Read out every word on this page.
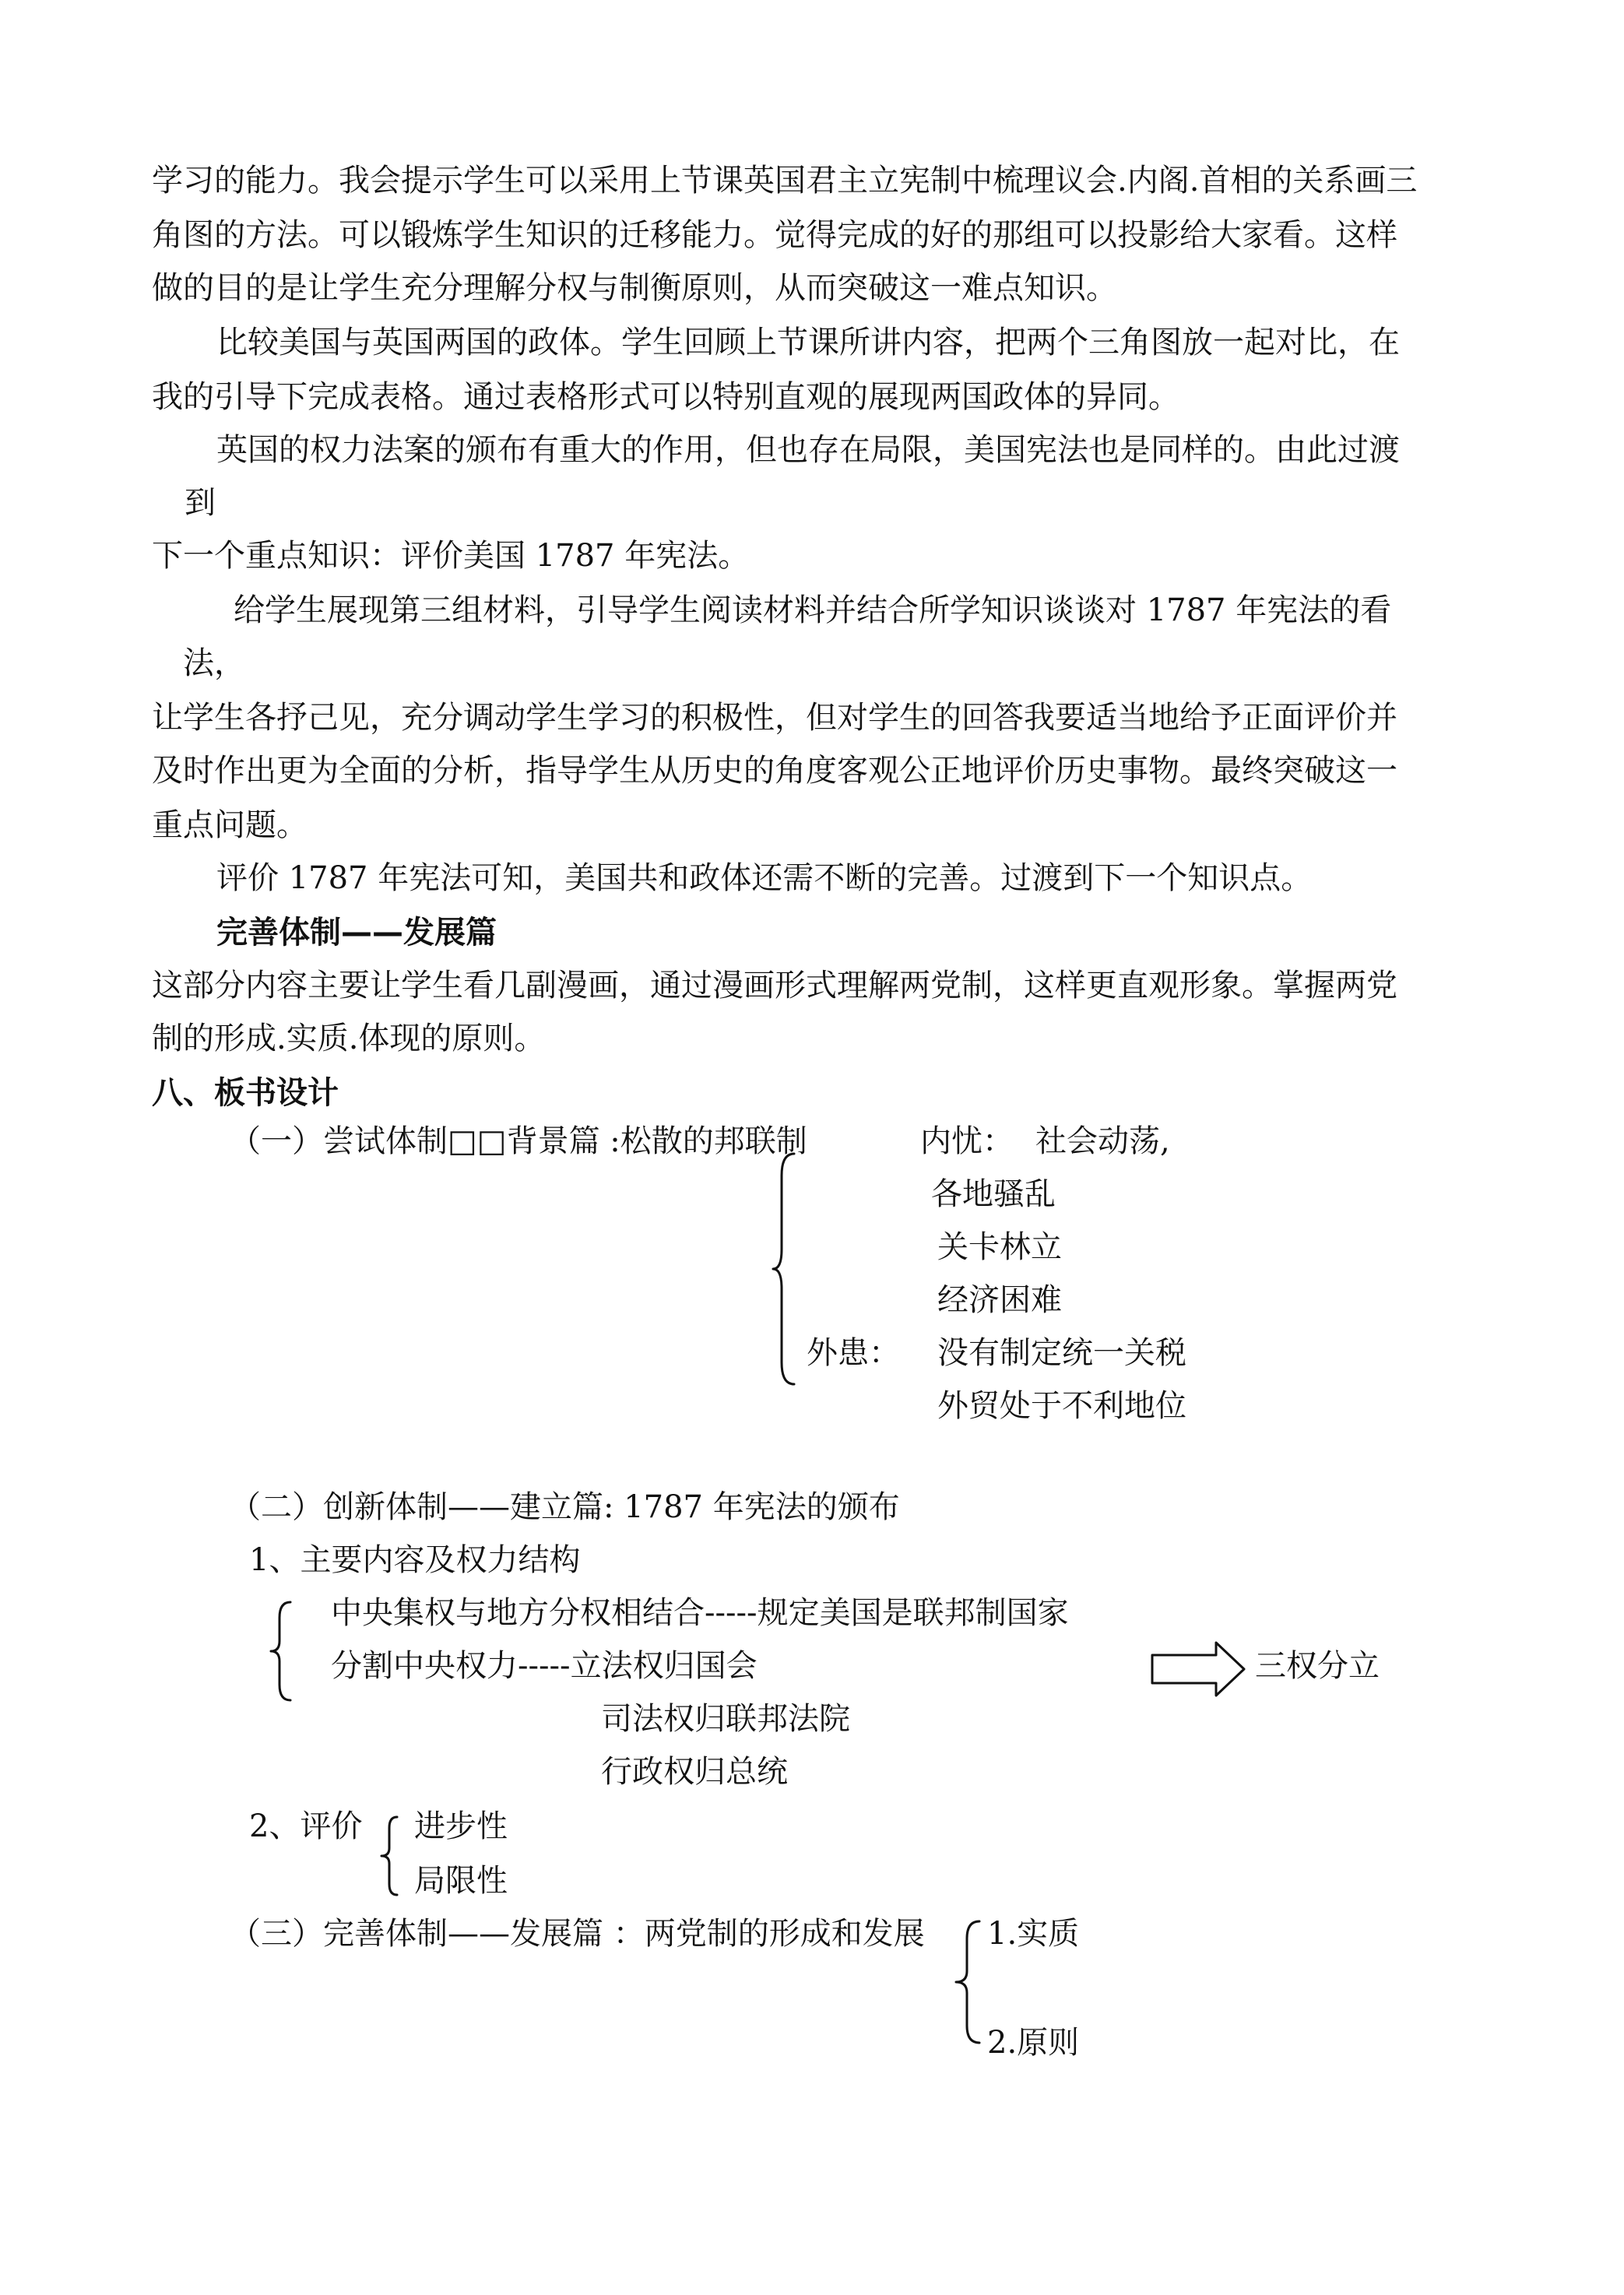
学习的能力。我会提示学生可以采用上节课英国君主立宪制中梳理议会.内阁.首相的关系画三
角图的方法。可以锻炼学生知识的迁移能力。觉得完成的好的那组可以投影给大家看。这样
做的目的是让学生充分理解分权与制衡原则，从而突破这一难点知识。
比较美国与英国两国的政体。学生回顾上节课所讲内容，把两个三角图放一起对比，在
我的引导下完成表格。通过表格形式可以特别直观的展现两国政体的异同。
英国的权力法案的颁布有重大的作用，但也存在局限，美国宪法也是同样的。由此过渡
到
下一个重点知识：评价美国 1787 年宪法。
给学生展现第三组材料，引导学生阅读材料并结合所学知识谈谈对 1787 年宪法的看
法，
让学生各抒己见，充分调动学生学习的积极性，但对学生的回答我要适当地给予正面评价并
及时作出更为全面的分析，指导学生从历史的角度客观公正地评价历史事物。最终突破这一
重点问题。
评价 1787 年宪法可知，美国共和政体还需不断的完善。过渡到下一个知识点。
完善体制——发展篇
这部分内容主要让学生看几副漫画，通过漫画形式理解两党制，这样更直观形象。掌握两党
制的形成.实质.体现的原则。
八、板书设计
（一）尝试体制□□背景篇 :松散的邦联制	内忧： 社会动荡,
各地骚乱
关卡林立
经济困难
外患： 没有制定统一关税
外贸处于不利地位
（二）创新体制——建立篇: 1787 年宪法的颁布
1、主要内容及权力结构
中央集权与地方分权相结合-----规定美国是联邦制国家
分割中央权力-----立法权归国会
司法权归联邦法院
行政权归总统
三权分立
2、评价 进步性
局限性
（三）完善体制——发展篇 ：两党制的形成和发展 1.实质
2.原则
